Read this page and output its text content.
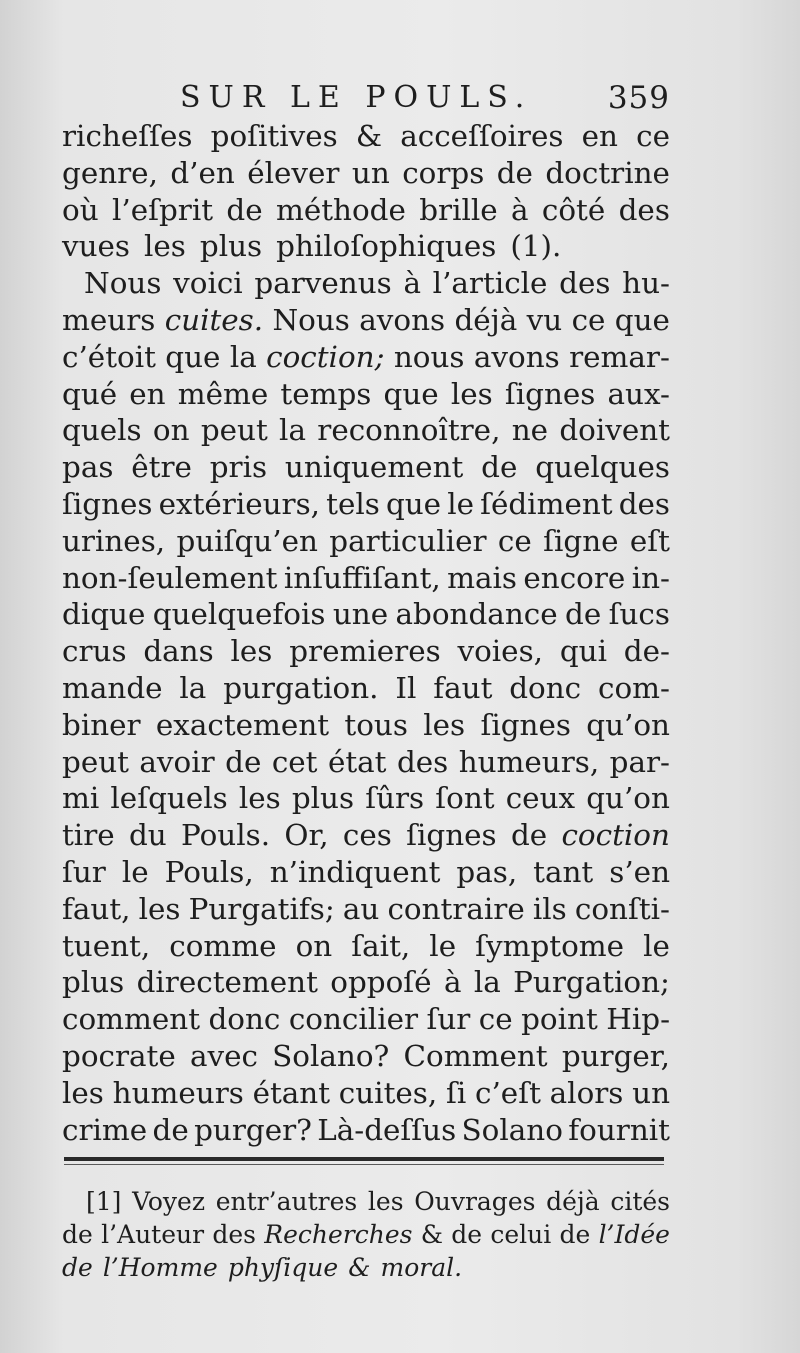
SUR LE POULS. 359
richeſſes poſitives & acceſſoires en ce
genre, d’en élever un corps de doctrine
où l’eſprit de méthode brille à côté des
vues les plus philoſophiques (1).
Nous voici parvenus à l’article des hu-
meurs cuites. Nous avons déjà vu ce que
c’étoit que la coction; nous avons remar-
qué en même temps que les ſignes aux-
quels on peut la reconnoître, ne doivent
pas être pris uniquement de quelques
ſignes extérieurs, tels que le ſédiment des
urines, puiſqu’en particulier ce ſigne eſt
non-ſeulement inſuffiſant, mais encore in-
dique quelquefois une abondance de ſucs
crus dans les premieres voies, qui de-
mande la purgation. Il faut donc com-
biner exactement tous les ſignes qu’on
peut avoir de cet état des humeurs, par-
mi leſquels les plus ſûrs ſont ceux qu’on
tire du Pouls. Or, ces ſignes de coction
ſur le Pouls, n’indiquent pas, tant s’en
faut, les Purgatifs; au contraire ils conſti-
tuent, comme on ſait, le ſymptome le
plus directement oppoſé à la Purgation;
comment donc concilier ſur ce point Hip-
pocrate avec Solano? Comment purger,
les humeurs étant cuites, ſi c’eſt alors un
crime de purger? Là-deſſus Solano fournit
[1] Voyez entr’autres les Ouvrages déjà cités
de l’Auteur des Recherches & de celui de l’Idée
de l’Homme phyſique & moral.
